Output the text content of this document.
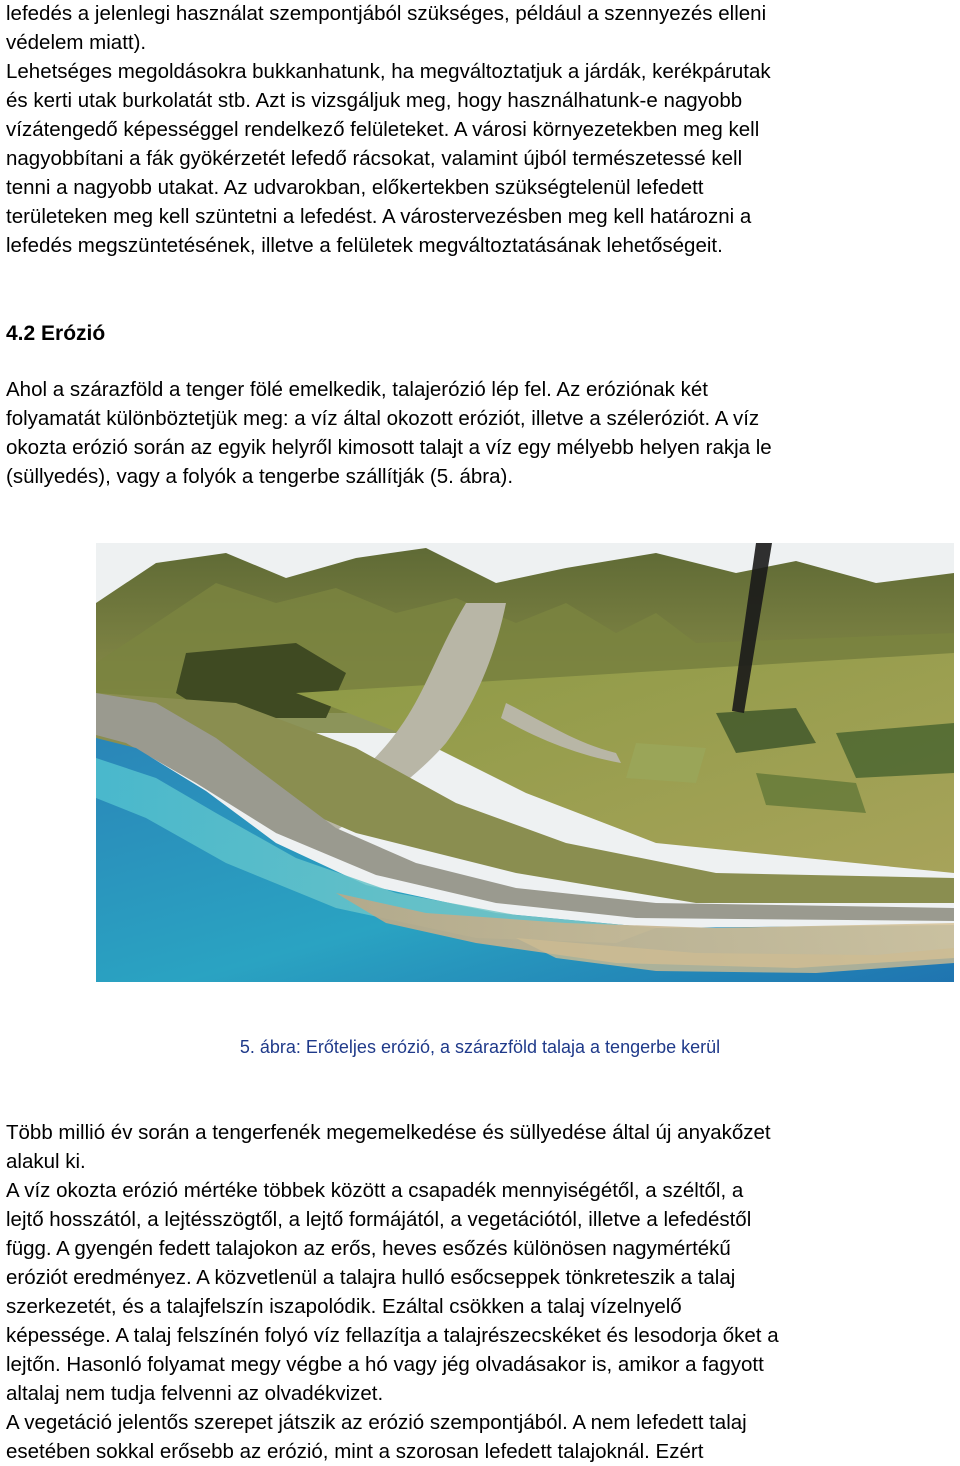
lefedés a jelenlegi használat szempontjából szükséges, például a szennyezés elleni
védelem miatt).
Lehetséges megoldásokra bukkanhatunk, ha megváltoztatjuk a járdák, kerékpárutak
és kerti utak burkolatát stb. Azt is vizsgáljuk meg, hogy használhatunk-e nagyobb
vízátengedő képességgel rendelkező felületeket. A városi környezetekben meg kell
nagyobbítani a fák gyökérzetét lefedő rácsokat, valamint újból természetessé kell
tenni a nagyobb utakat. Az udvarokban, előkertekben szükségtelenül lefedett
területeken meg kell szüntetni a lefedést. A várostervezésben meg kell határozni a
lefedés megszüntetésének, illetve a felületek megváltoztatásának lehetőségeit.

4.2 Erózió

Ahol a szárazföld a tenger fölé emelkedik, talajerózió lép fel. Az eróziónak két
folyamatát különböztetjük meg: a víz által okozott eróziót, illetve a széleróziót. A víz
okozta erózió során az egyik helyről kimosott talajt a víz egy mélyebb helyen rakja le
(süllyedés), vagy a folyók a tengerbe szállítják (5. ábra).

5. ábra: Erőteljes erózió, a szárazföld talaja a tengerbe kerül

Több millió év során a tengerfenék megemelkedése és süllyedése által új anyakőzet
alakul ki.
A víz okozta erózió mértéke többek között a csapadék mennyiségétől, a széltől, a
lejtő hosszától, a lejtésszögtől, a lejtő formájától, a vegetációtól, illetve a lefedéstől
függ. A gyengén fedett talajokon az erős, heves esőzés különösen nagymértékű
eróziót eredményez. A közvetlenül a talajra hulló esőcseppek tönkreteszik a talaj
szerkezetét, és a talajfelszín iszapolódik. Ezáltal csökken a talaj vízelnyelő
képessége. A talaj felszínén folyó víz fellazítja a talajrészecskéket és lesodorja őket a
lejtőn. Hasonló folyamat megy végbe a hó vagy jég olvadásakor is, amikor a fagyott
altalaj nem tudja felvenni az olvadékvizet.
A vegetáció jelentős szerepet játszik az erózió szempontjából. A nem lefedett talaj
esetében sokkal erősebb az erózió, mint a szorosan lefedett talajoknál. Ezért
